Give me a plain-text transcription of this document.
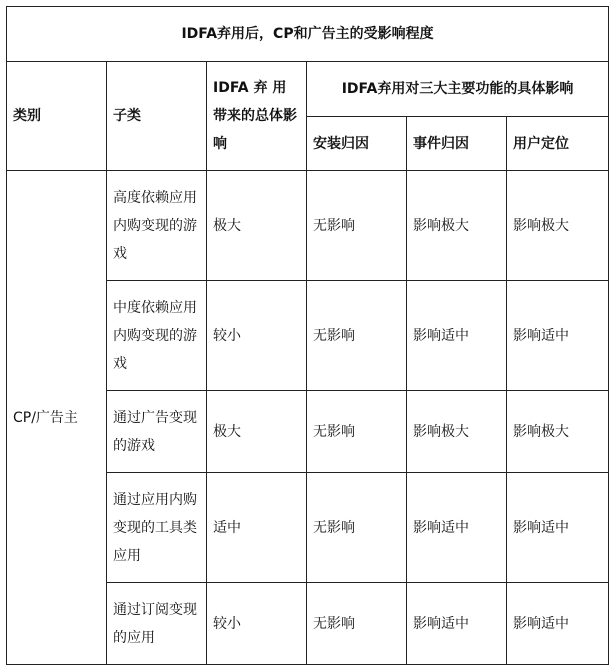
IDFA弃用后，CP和广告主的受影响程度					
类别	子类	IDFA 弃 用带来的总体影响	IDFA弃用对三大主要功能的具体影响		
			安装归因	事件归因	用户定位
CP/广告主	高度依赖应用内购变现的游戏	极大	无影响	影响极大	影响极大
	中度依赖应用内购变现的游戏	较小	无影响	影响适中	影响适中
	通过广告变现的游戏	极大	无影响	影响极大	影响极大
	通过应用内购变现的工具类应用	适中	无影响	影响适中	影响适中
	通过订阅变现的应用	较小	无影响	影响适中	影响适中
